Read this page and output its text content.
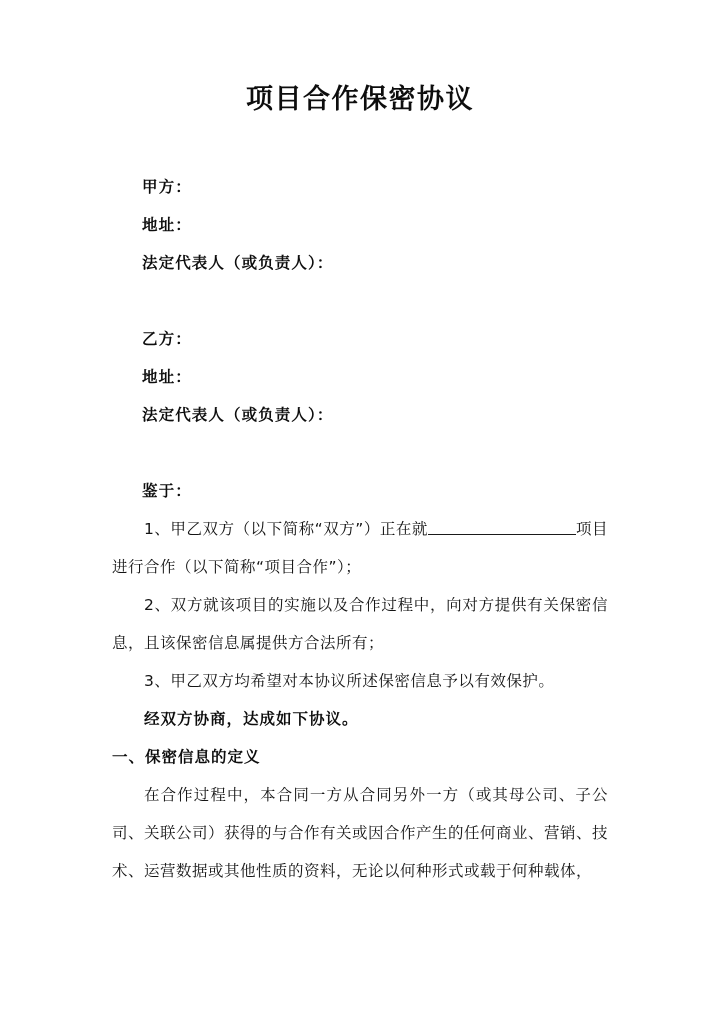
项目合作保密协议
甲方：
地址：
法定代表人（或负责人）：
乙方：
地址：
法定代表人（或负责人）：
鉴于：

1、甲乙双方（以下简称“双方”）正在就	项目进行合作（以下简称“项目合作”）；

2、双方就该项目的实施以及合作过程中，向对方提供有关保密信息，且该保密信息属提供方合法所有；

3、甲乙双方均希望对本协议所述保密信息予以有效保护。

经双方协商，达成如下协议。

一、保密信息的定义

在合作过程中，本合同一方从合同另外一方（或其母公司、子公司、关联公司）获得的与合作有关或因合作产生的任何商业、营销、技术、运营数据或其他性质的资料，无论以何种形式或载于何种载体，
